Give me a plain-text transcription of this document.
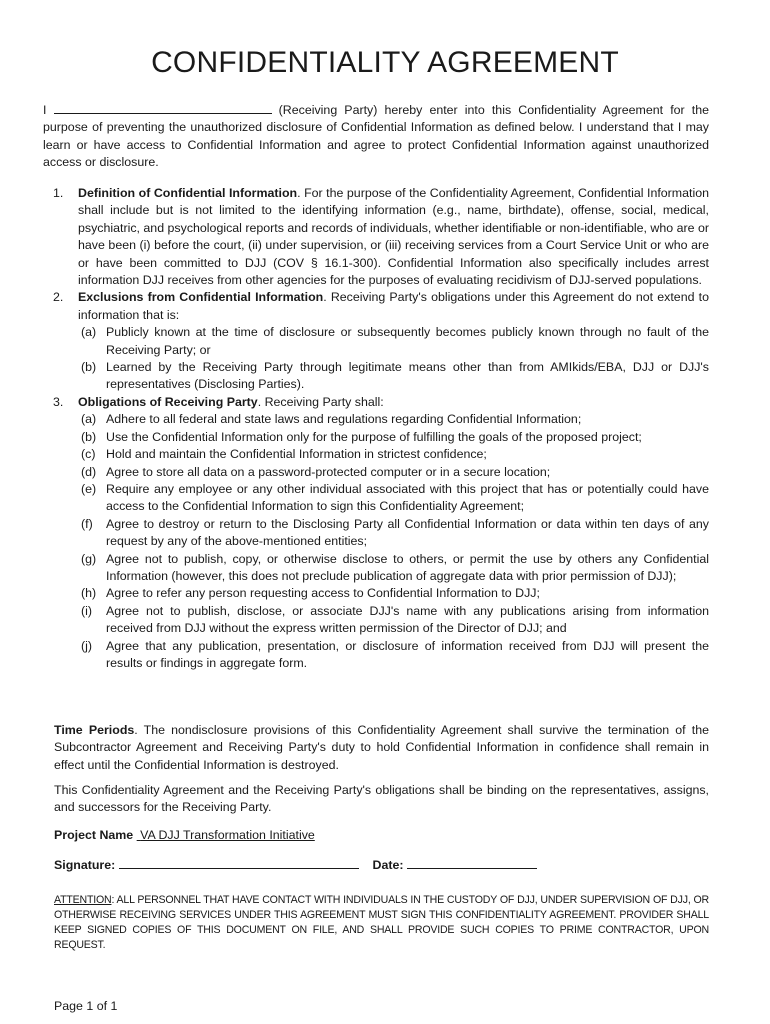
CONFIDENTIALITY AGREEMENT
I	(Receiving Party) hereby enter into this Confidentiality Agreement for the purpose of preventing the unauthorized disclosure of Confidential Information as defined below. I understand that I may learn or have access to Confidential Information and agree to protect Confidential Information against unauthorized access or disclosure.
1. Definition of Confidential Information. For the purpose of the Confidentiality Agreement, Confidential Information shall include but is not limited to the identifying information (e.g., name, birthdate), offense, social, medical, psychiatric, and psychological reports and records of individuals, whether identifiable or non-identifiable, who are or have been (i) before the court, (ii) under supervision, or (iii) receiving services from a Court Service Unit or who are or have been committed to DJJ (COV § 16.1-300). Confidential Information also specifically includes arrest information DJJ receives from other agencies for the purposes of evaluating recidivism of DJJ-served populations.
2. Exclusions from Confidential Information. Receiving Party's obligations under this Agreement do not extend to information that is:
(a) Publicly known at the time of disclosure or subsequently becomes publicly known through no fault of the Receiving Party; or
(b) Learned by the Receiving Party through legitimate means other than from AMIkids/EBA, DJJ or DJJ's representatives (Disclosing Parties).
3. Obligations of Receiving Party. Receiving Party shall:
(a) Adhere to all federal and state laws and regulations regarding Confidential Information;
(b) Use the Confidential Information only for the purpose of fulfilling the goals of the proposed project;
(c) Hold and maintain the Confidential Information in strictest confidence;
(d) Agree to store all data on a password-protected computer or in a secure location;
(e) Require any employee or any other individual associated with this project that has or potentially could have access to the Confidential Information to sign this Confidentiality Agreement;
(f) Agree to destroy or return to the Disclosing Party all Confidential Information or data within ten days of any request by any of the above-mentioned entities;
(g) Agree not to publish, copy, or otherwise disclose to others, or permit the use by others any Confidential Information (however, this does not preclude publication of aggregate data with prior permission of DJJ);
(h) Agree to refer any person requesting access to Confidential Information to DJJ;
(i) Agree not to publish, disclose, or associate DJJ's name with any publications arising from information received from DJJ without the express written permission of the Director of DJJ; and
(j) Agree that any publication, presentation, or disclosure of information received from DJJ will present the results or findings in aggregate form.
Time Periods. The nondisclosure provisions of this Confidentiality Agreement shall survive the termination of the Subcontractor Agreement and Receiving Party's duty to hold Confidential Information in confidence shall remain in effect until the Confidential Information is destroyed.
This Confidentiality Agreement and the Receiving Party's obligations shall be binding on the representatives, assigns, and successors for the Receiving Party.
Project Name VA DJJ Transformation Initiative
Signature:	Date:
ATTENTION: ALL PERSONNEL THAT HAVE CONTACT WITH INDIVIDUALS IN THE CUSTODY OF DJJ, UNDER SUPERVISION OF DJJ, OR OTHERWISE RECEIVING SERVICES UNDER THIS AGREEMENT MUST SIGN THIS CONFIDENTIALITY AGREEMENT. PROVIDER SHALL KEEP SIGNED COPIES OF THIS DOCUMENT ON FILE, AND SHALL PROVIDE SUCH COPIES TO PRIME CONTRACTOR, UPON REQUEST.
Page 1 of 1
